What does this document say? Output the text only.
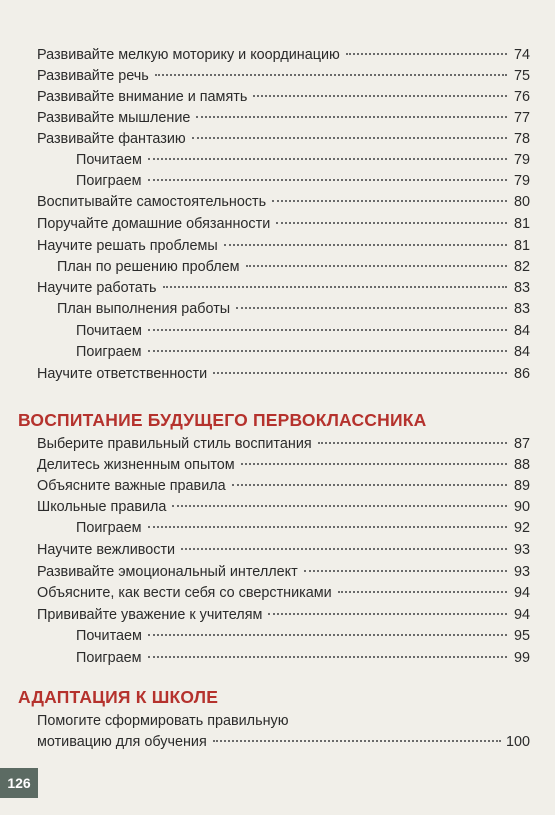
Развивайте мелкую моторику и координацию	74
Развивайте речь	75
Развивайте внимание и память	76
Развивайте мышление	77
Развивайте фантазию	78
Почитаем	79
Поиграем	79
Воспитывайте самостоятельность	80
Поручайте домашние обязанности	81
Научите решать проблемы	81
План по решению проблем	82
Научите работать	83
План выполнения работы	83
Почитаем	84
Поиграем	84
Научите ответственности	86
ВОСПИТАНИЕ БУДУЩЕГО ПЕРВОКЛАССНИКА
Выберите правильный стиль воспитания	87
Делитесь жизненным опытом	88
Объясните важные правила	89
Школьные правила	90
Поиграем	92
Научите вежливости	93
Развивайте эмоциональный интеллект	93
Объясните, как вести себя со сверстниками	94
Прививайте уважение к учителям	94
Почитаем	95
Поиграем	99
АДАПТАЦИЯ К ШКОЛЕ
Помогите сформировать правильную
мотивацию для обучения	100
126
